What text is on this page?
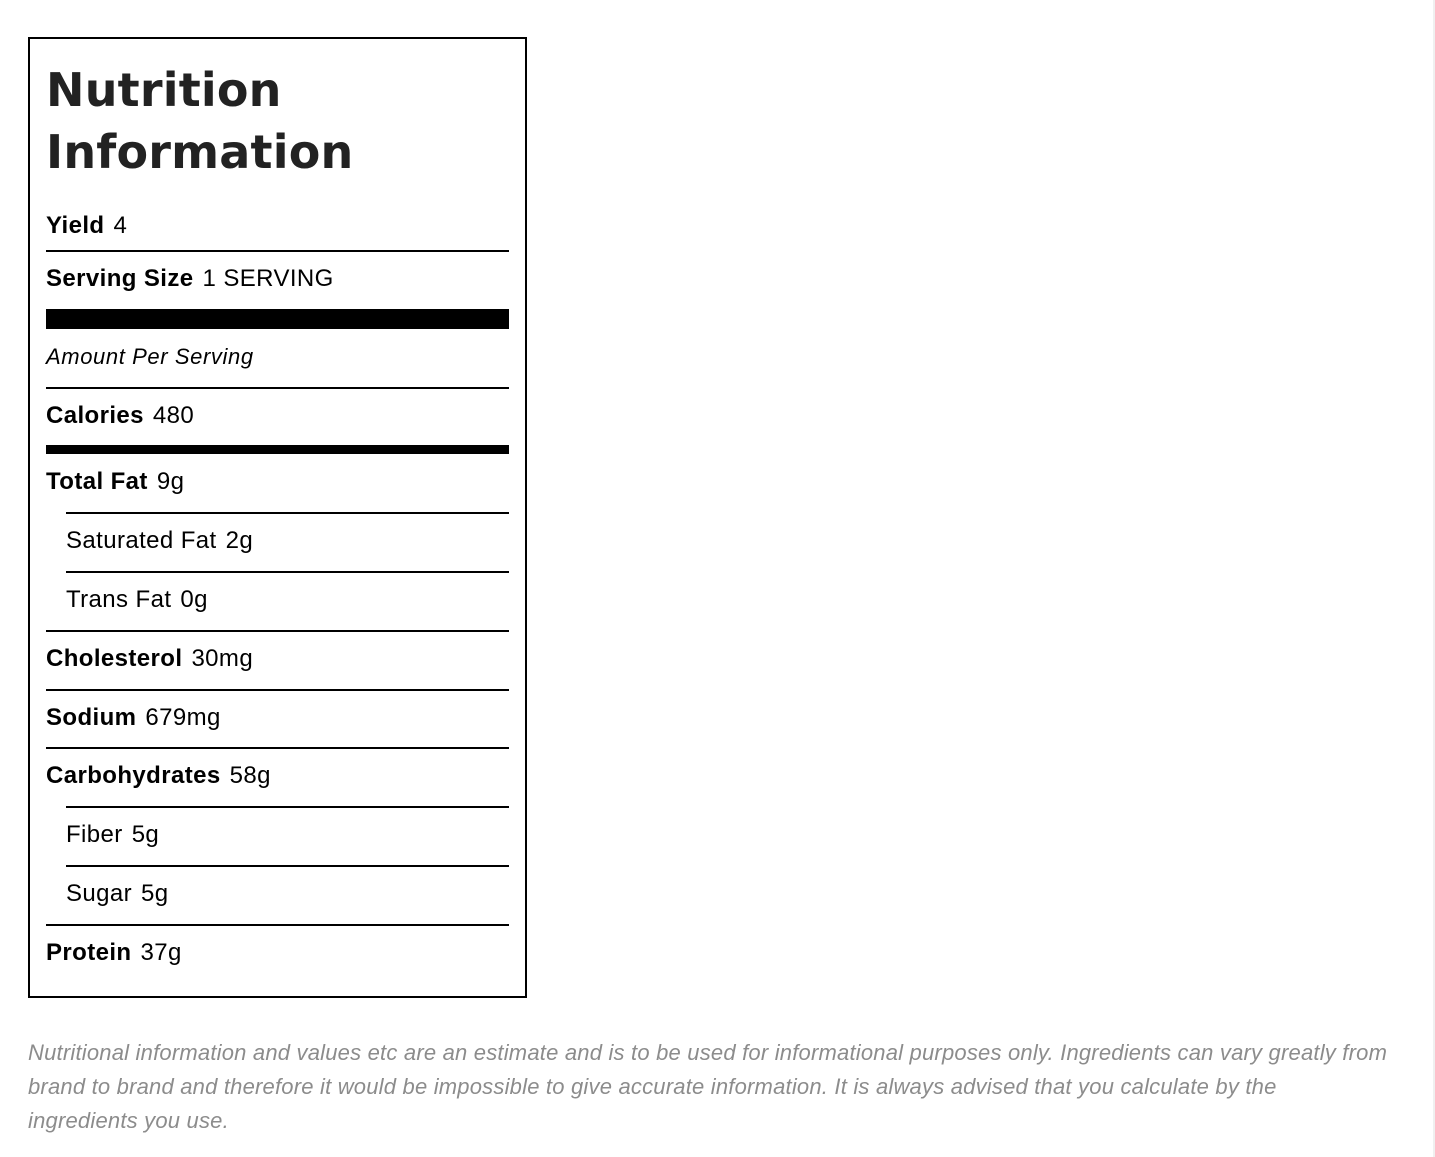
Nutrition Information
Yield 4
Serving Size 1 SERVING
Amount Per Serving
Calories 480
Total Fat 9g
Saturated Fat 2g
Trans Fat 0g
Cholesterol 30mg
Sodium 679mg
Carbohydrates 58g
Fiber 5g
Sugar 5g
Protein 37g

Nutritional information and values etc are an estimate and is to be used for informational purposes only. Ingredients can vary greatly from brand to brand and therefore it would be impossible to give accurate information. It is always advised that you calculate by the ingredients you use.
